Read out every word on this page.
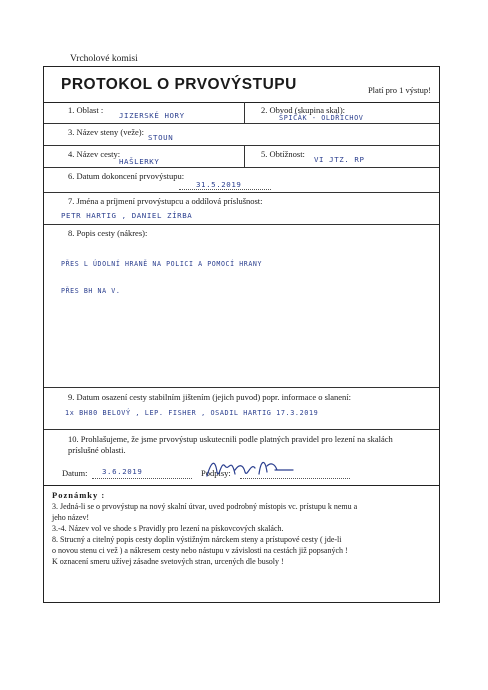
Vrcholové komisi
PROTOKOL O PRVOVÝSTUPU	Platí pro 1 výstup!
1. Oblast :
JIZERSKÉ HORY
2. Obvod (skupina skal):
ŠPIČÁK - OLDŘICHOV
3. Název steny (veže):
STOUN
4. Název cesty:
HAŠLERKY
5. Obtížnost:
VI JTZ. RP
6. Datum dokoncení prvovýstupu:
31.5.2019
7. Jména a príjmení prvovýstupcu a oddílová príslušnost:
PETR HARTIG , DANIEL ZÍRBA
8. Popis cesty (nákres):
PŘES L ÚDOLNÍ HRANĚ NA POLICI A POMOCÍ HRANY
PŘES BH NA V.
9. Datum osazení cesty stabilním jištením (jejich puvod) popr. informace o slanení:
1x BH80 BELOVÝ , LEP. FISHER , OSADIL HARTIG 17.3.2019
10. Prohlašujeme, že jsme prvovýstup uskutecnili podle platných pravidel pro lezení na skalách
príslušné oblasti.
Datum: 3.6.2019	Podpisy:
Poznámky :
3. Jedná-li se o prvovýstup na nový skalní útvar, uved podrobný místopis vc. prístupu k nemu a
jeho název!
3.-4. Název vol ve shode s Pravidly pro lezení na pískovcových skalách.
8. Strucný a citelný popis cesty doplin výstižným nárckem steny a prístupové cesty ( jde-li
o novou stenu ci vež ) a nákresem cesty nebo nástupu v závislosti na cestách již popsaných !
K oznacení smeru užívej zásadne svetových stran, urcených dle busoly !
